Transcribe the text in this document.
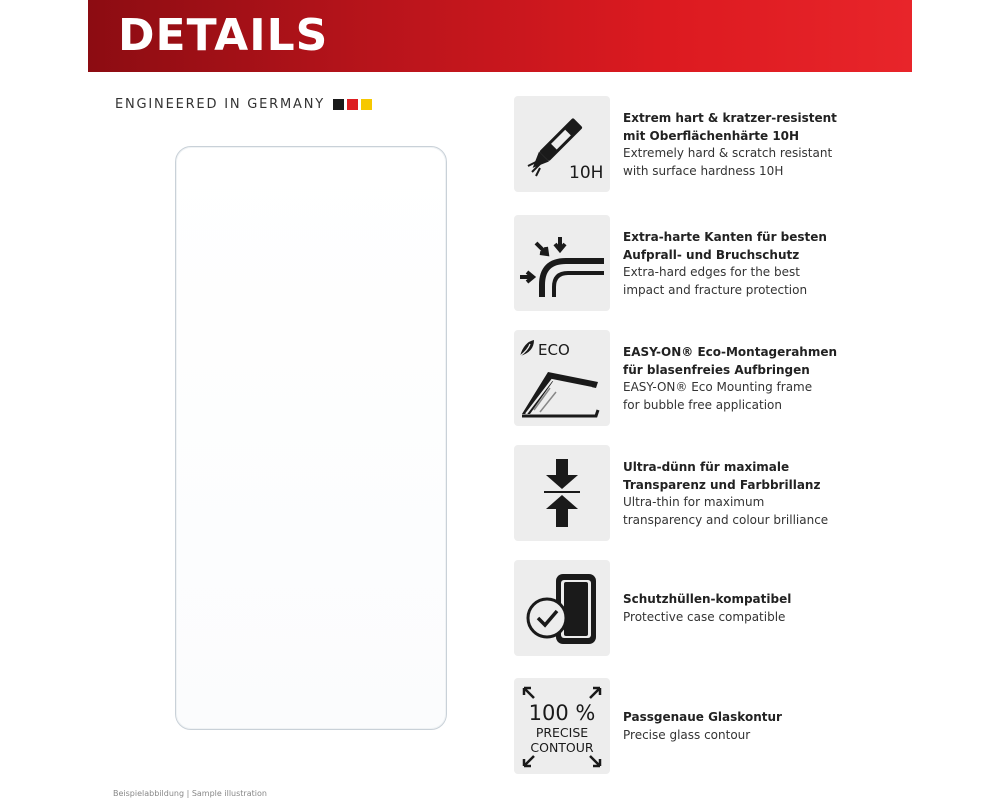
DETAILS
ENGINEERED IN GERMANY
10H
Extrem hart & kratzer-resistent
mit Oberflächenhärte 10H
Extremely hard & scratch resistant
with surface hardness 10H
Extra-harte Kanten für besten
Aufprall- und Bruchschutz
Extra-hard edges for the best
impact and fracture protection
ECO	EASY-ON® Eco-Montagerahmen
für blasenfreies Aufbringen
EASY-ON® Eco Mounting frame
for bubble free application
Ultra-dünn für maximale
Transparenz und Farbbrillanz
Ultra-thin for maximum
transparency and colour brilliance
Schutzhüllen-kompatibel
Protective case compatible
100 %
PRECISE
CONTOUR
Passgenaue Glaskontur
Precise glass contour
Beispielabbildung | Sample illustration
